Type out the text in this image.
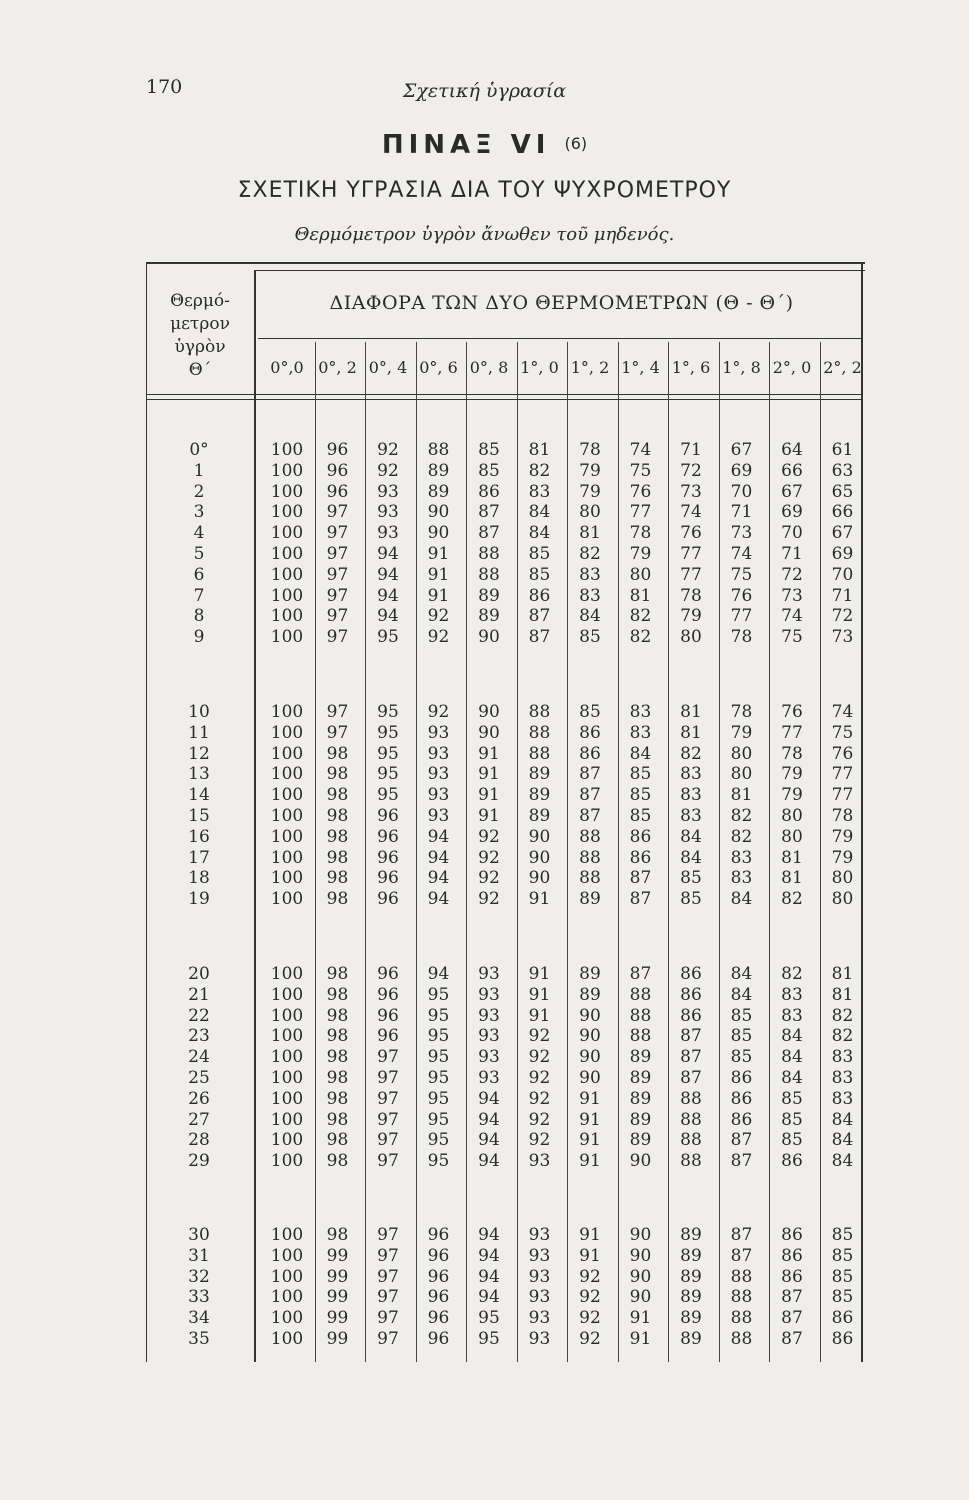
170	Σχετική ὑγρασία
ΠΙΝΑΞ VI (6)
ΣΧΕΤΙΚΗ ΥΓΡΑΣΙΑ ΔΙΑ ΤΟΥ ΨΥΧΡΟΜΕΤΡΟΥ
Θερμόμετρον ὑγρὸν ἄνωθεν τοῦ μηδενός.
Θερμό-
μετρον
ὑγρὸν
Θ΄
ΔΙΑΦΟΡΑ ΤΩΝ ΔΥΟ ΘΕΡΜΟΜΕΤΡΩΝ (Θ - Θ΄)
0°,0 0°, 2 0°, 4 0°, 6 0°, 8 1°, 0 1°, 2 1°, 4 1°, 6 1°, 8 2°, 0 2°, 2
0°	100	96	92	88	85	81	78	74	71	67	64	61
1	100	96	92	89	85	82	79	75	72	69	66	63
2	100	96	93	89	86	83	79	76	73	70	67	65
3	100	97	93	90	87	84	80	77	74	71	69	66
4	100	97	93	90	87	84	81	78	76	73	70	67
5	100	97	94	91	88	85	82	79	77	74	71	69
6	100	97	94	91	88	85	83	80	77	75	72	70
7	100	97	94	91	89	86	83	81	78	76	73	71
8	100	97	94	92	89	87	84	82	79	77	74	72
9	100	97	95	92	90	87	85	82	80	78	75	73
10	100	97	95	92	90	88	85	83	81	78	76	74
11	100	97	95	93	90	88	86	83	81	79	77	75
12	100	98	95	93	91	88	86	84	82	80	78	76
13	100	98	95	93	91	89	87	85	83	80	79	77
14	100	98	95	93	91	89	87	85	83	81	79	77
15	100	98	96	93	91	89	87	85	83	82	80	78
16	100	98	96	94	92	90	88	86	84	82	80	79
17	100	98	96	94	92	90	88	86	84	83	81	79
18	100	98	96	94	92	90	88	87	85	83	81	80
19	100	98	96	94	92	91	89	87	85	84	82	80
20	100	98	96	94	93	91	89	87	86	84	82	81
21	100	98	96	95	93	91	89	88	86	84	83	81
22	100	98	96	95	93	91	90	88	86	85	83	82
23	100	98	96	95	93	92	90	88	87	85	84	82
24	100	98	97	95	93	92	90	89	87	85	84	83
25	100	98	97	95	93	92	90	89	87	86	84	83
26	100	98	97	95	94	92	91	89	88	86	85	83
27	100	98	97	95	94	92	91	89	88	86	85	84
28	100	98	97	95	94	92	91	89	88	87	85	84
29	100	98	97	95	94	93	91	90	88	87	86	84
30	100	98	97	96	94	93	91	90	89	87	86	85
31	100	99	97	96	94	93	91	90	89	87	86	85
32	100	99	97	96	94	93	92	90	89	88	86	85
33	100	99	97	96	94	93	92	90	89	88	87	85
34	100	99	97	96	95	93	92	91	89	88	87	86
35	100	99	97	96	95	93	92	91	89	88	87	86
